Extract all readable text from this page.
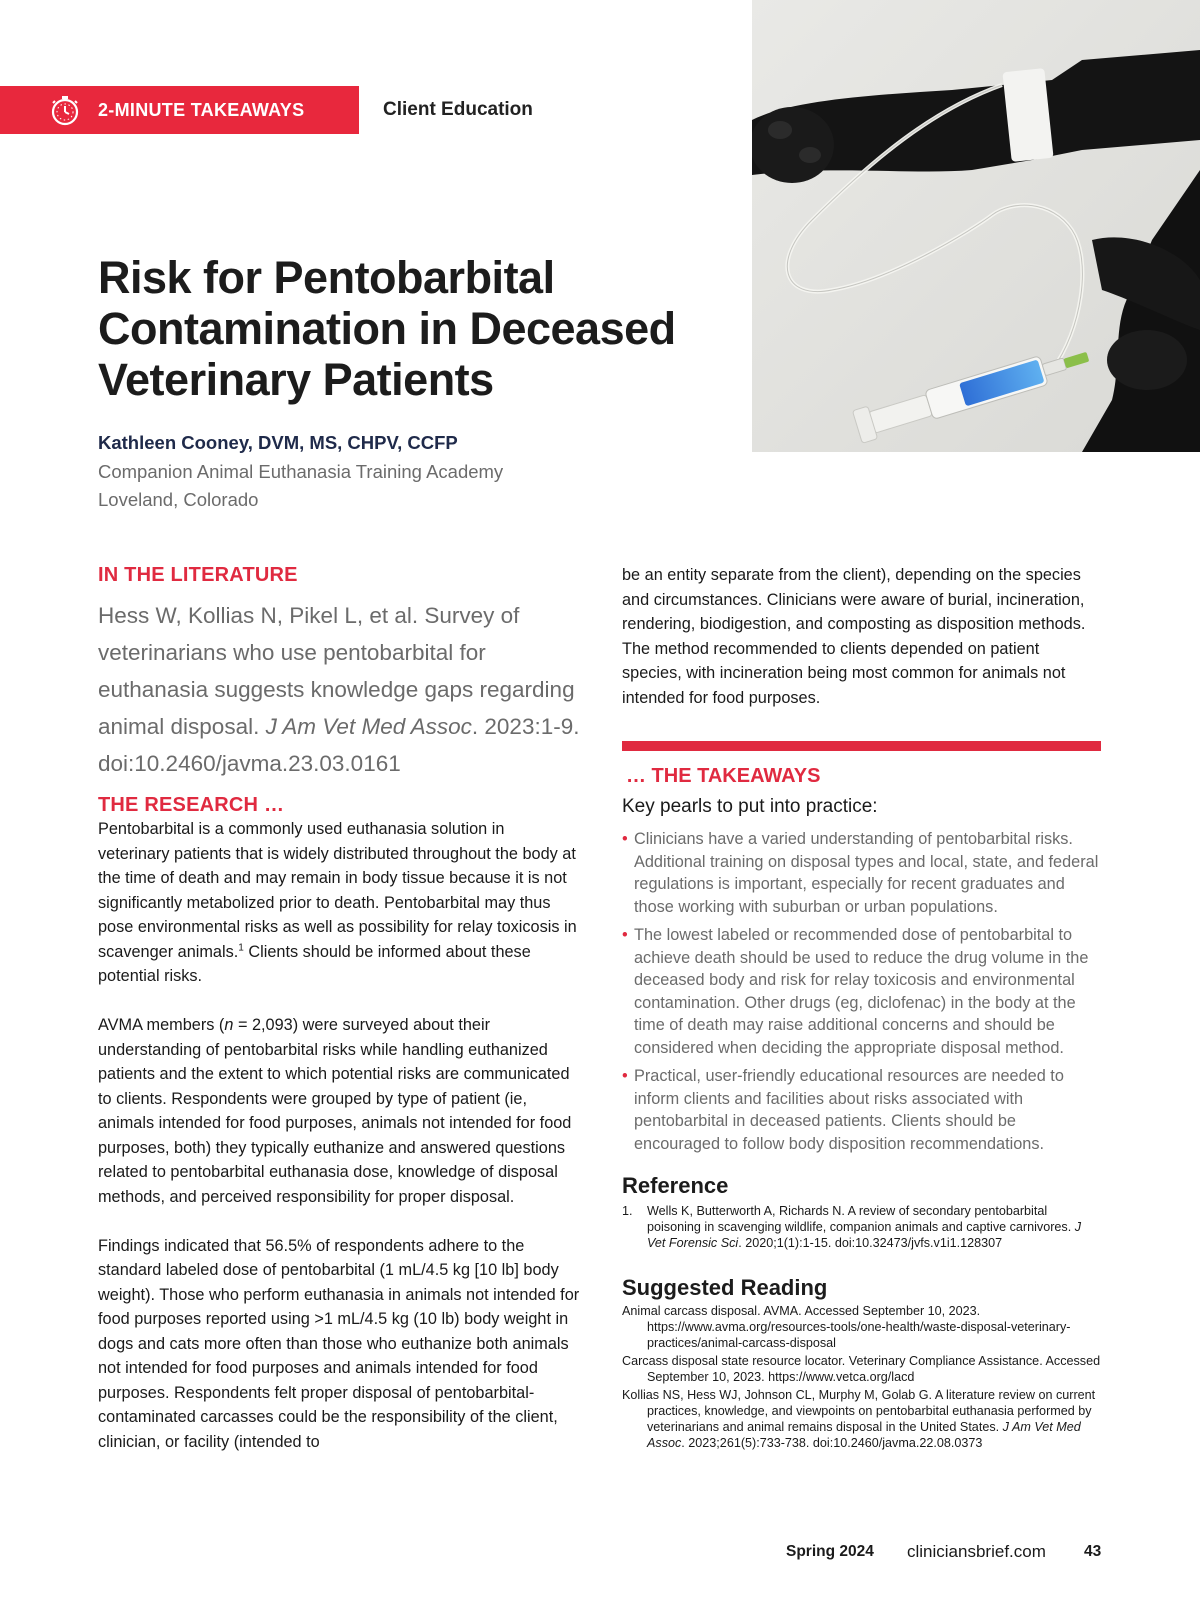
2-MINUTE TAKEAWAYS	Client Education
Risk for Pentobarbital Contamination in Deceased Veterinary Patients
Kathleen Cooney, DVM, MS, CHPV, CCFP
Companion Animal Euthanasia Training Academy
Loveland, Colorado
IN THE LITERATURE
Hess W, Kollias N, Pikel L, et al. Survey of veterinarians who use pentobarbital for euthanasia suggests knowledge gaps regarding animal disposal. J Am Vet Med Assoc. 2023:1-9. doi:10.2460/javma.23.03.0161
THE RESEARCH …

Pentobarbital is a commonly used euthanasia solution in veterinary patients that is widely distributed throughout the body at the time of death and may remain in body tissue because it is not significantly metabolized prior to death. Pentobarbital may thus pose environmental risks as well as possibility for relay toxicosis in scavenger animals.$^1$ Clients should be informed about these potential risks.

AVMA members (n = 2,093) were surveyed about their understanding of pentobarbital risks while handling euthanized patients and the extent to which potential risks are communicated to clients. Respondents were grouped by type of patient (ie, animals intended for food purposes, animals not intended for food purposes, both) they typically euthanize and answered questions related to pentobarbital euthanasia dose, knowledge of disposal methods, and perceived responsibility for proper disposal.

Findings indicated that 56.5% of respondents adhere to the standard labeled dose of pentobarbital (1 mL/4.5 kg [10 lb] body weight). Those who perform euthanasia in animals not intended for food purposes reported using >1 mL/4.5 kg (10 lb) body weight in dogs and cats more often than those who euthanize both animals not intended for food purposes and animals intended for food purposes. Respondents felt proper disposal of pentobarbital-contaminated carcasses could be the responsibility of the client, clinician, or facility (intended to

be an entity separate from the client), depending on the species and circumstances. Clinicians were aware of burial, incineration, rendering, biodigestion, and composting as disposition methods. The method recommended to clients depended on patient species, with incineration being most common for animals not intended for food purposes.
… THE TAKEAWAYS
Key pearls to put into practice:
• Clinicians have a varied understanding of pentobarbital risks. Additional training on disposal types and local, state, and federal regulations is important, especially for recent graduates and those working with suburban or urban populations.
• The lowest labeled or recommended dose of pentobarbital to achieve death should be used to reduce the drug volume in the deceased body and risk for relay toxicosis and environmental contamination. Other drugs (eg, diclofenac) in the body at the time of death may raise additional concerns and should be considered when deciding the appropriate disposal method.
• Practical, user-friendly educational resources are needed to inform clients and facilities about risks associated with pentobarbital in deceased patients. Clients should be encouraged to follow body disposition recommendations.
Reference
1. Wells K, Butterworth A, Richards N. A review of secondary pentobarbital poisoning in scavenging wildlife, companion animals and captive carnivores. J Vet Forensic Sci. 2020;1(1):1-15. doi:10.32473/jvfs.v1i1.128307
Suggested Reading
Animal carcass disposal. AVMA. Accessed September 10, 2023. https://www.avma.org/resources-tools/one-health/waste-disposal-veterinary-practices/animal-carcass-disposal
Carcass disposal state resource locator. Veterinary Compliance Assistance. Accessed September 10, 2023. https://www.vetca.org/lacd
Kollias NS, Hess WJ, Johnson CL, Murphy M, Golab G. A literature review on current practices, knowledge, and viewpoints on pentobarbital euthanasia performed by veterinarians and animal remains disposal in the United States. J Am Vet Med Assoc. 2023;261(5):733-738. doi:10.2460/javma.22.08.0373
Spring 2024 cliniciansbrief.com 43
